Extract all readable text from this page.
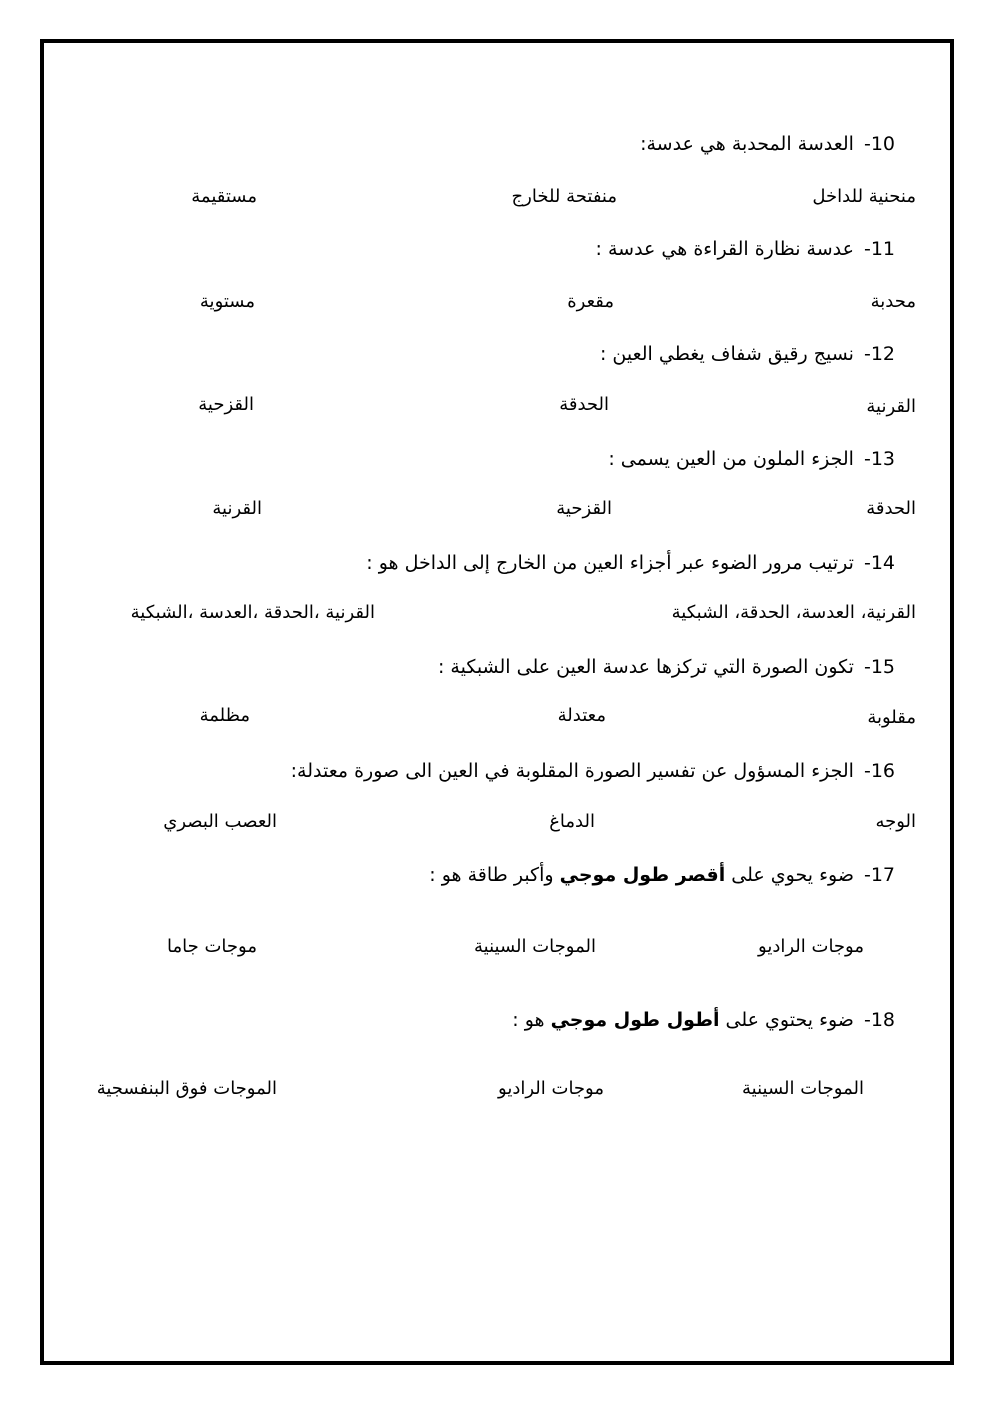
10-العدسة المحدبة هي عدسة:
منحنية للداخل
منفتحة للخارج
مستقيمة
11-عدسة نظارة القراءة هي عدسة :
محدبة
مقعرة
مستوية
12-نسيج رقيق شفاف يغطي العين :
القرنية
الحدقة
القزحية
13-الجزء الملون من العين يسمى :
الحدقة
القزحية
القرنية
14-ترتيب مرور الضوء عبر أجزاء العين من الخارج إلى الداخل هو :
القرنية، العدسة، الحدقة، الشبكية
القرنية ،الحدقة ،العدسة ،الشبكية
15-تكون الصورة التي تركزها عدسة العين على الشبكية :
مقلوبة
معتدلة
مظلمة
16-الجزء المسؤول عن تفسير الصورة المقلوبة في العين الى صورة معتدلة:
الوجه
الدماغ
العصب البصري
17-ضوء يحوي على أقصر طول موجي وأكبر طاقة هو :
موجات الراديو
الموجات السينية
موجات جاما
18-ضوء يحتوي على أطول طول موجي هو :
الموجات السينية
موجات الراديو
الموجات فوق البنفسجية
